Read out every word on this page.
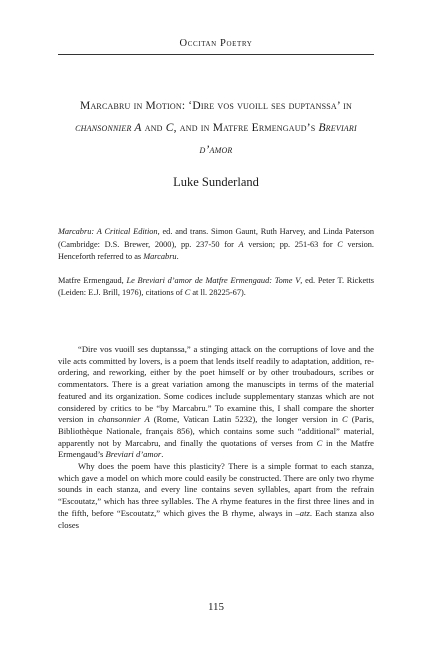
Occitan Poetry
Marcabru in Motion: ‘Dire vos vuoill ses duptanssa’ in chansonnier A and C, and in Matfre Ermengaud’s Breviari d’amor
Luke Sunderland

Marcabru: A Critical Edition, ed. and trans. Simon Gaunt, Ruth Harvey, and Linda Paterson (Cambridge: D.S. Brewer, 2000), pp. 237-50 for A version; pp. 251-63 for C version. Henceforth referred to as Marcabru.

Matfre Ermengaud, Le Breviari d’amor de Matfre Ermengaud: Tome V, ed. Peter T. Ricketts (Leiden: E.J. Brill, 1976), citations of C at ll. 28225-67).

“Dire vos vuoill ses duptanssa,” a stinging attack on the corruptions of love and the vile acts committed by lovers, is a poem that lends itself readily to adaptation, addition, re-ordering, and reworking, either by the poet himself or by other troubadours, scribes or commentators. There is a great variation among the manuscipts in terms of the material featured and its organization. Some codices include supplementary stanzas which are not considered by critics to be “by Marcabru.” To examine this, I shall compare the shorter version in chansonnier A (Rome, Vatican Latin 5232), the longer version in C (Paris, Bibliothèque Nationale, français 856), which contains some such “additional” material, apparently not by Marcabru, and finally the quotations of verses from C in the Matfre Ermengaud’s Breviari d’amor.

Why does the poem have this plasticity? There is a simple format to each stanza, which gave a model on which more could easily be constructed. There are only two rhyme sounds in each stanza, and every line contains seven syllables, apart from the refrain “Escoutatz,” which has three syllables. The A rhyme features in the first three lines and in the fifth, before “Escoutatz,” which gives the B rhyme, always in –atz. Each stanza also closes

115
